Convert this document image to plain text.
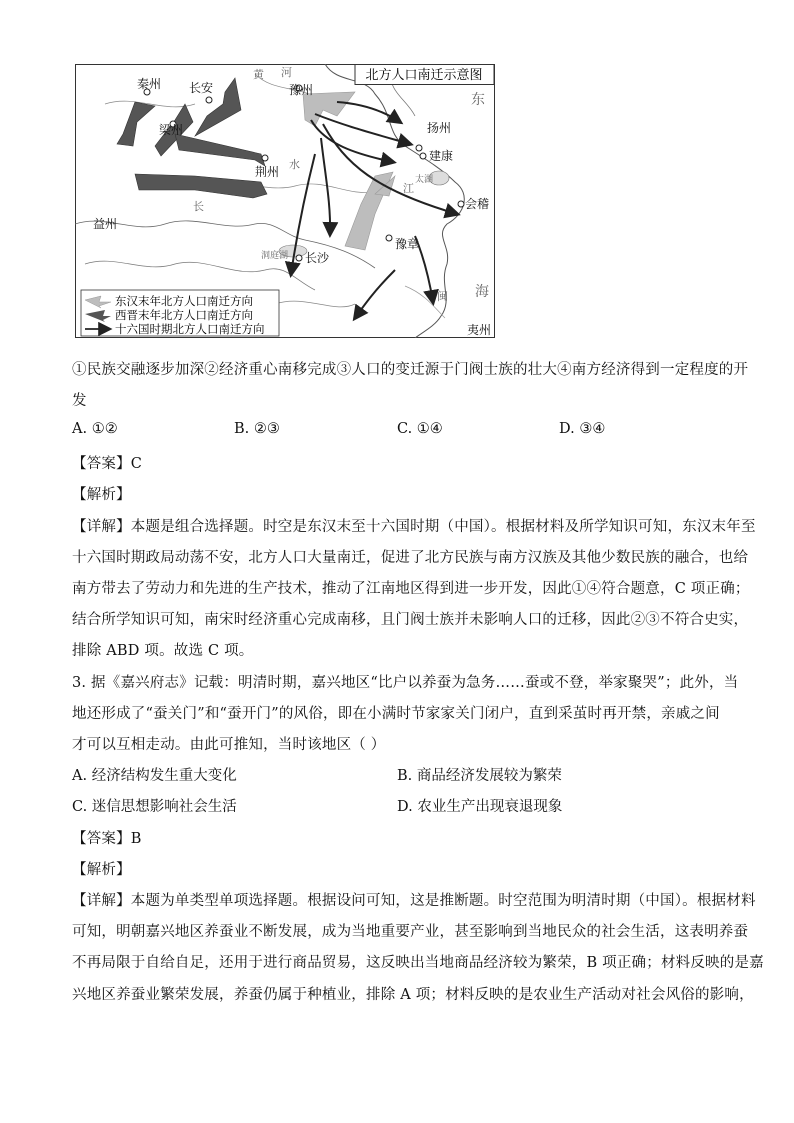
北方人口南迁示意图
秦州 长安	豫州
梁州
荆州
扬州
建康
会稽
益州
长沙
豫章
夷州
黄 河
东
海
长
水
江
太湖
洞庭湖
闽
东汉末年北方人口南迁方向
西晋末年北方人口南迁方向
十六国时期北方人口南迁方向
①民族交融逐步加深②经济重心南移完成③人口的变迁源于门阀士族的壮大④南方经济得到一定程度的开
发
A. ①②	B. ②③	C. ①④	D. ③④
【答案】C
【解析】
【详解】本题是组合选择题。时空是东汉末至十六国时期（中国）。根据材料及所学知识可知，东汉末年至
十六国时期政局动荡不安，北方人口大量南迁，促进了北方民族与南方汉族及其他少数民族的融合，也给
南方带去了劳动力和先进的生产技术，推动了江南地区得到进一步开发，因此①④符合题意，C 项正确；
结合所学知识可知，南宋时经济重心完成南移，且门阀士族并未影响人口的迁移，因此②③不符合史实，
排除 ABD 项。故选 C 项。
3. 据《嘉兴府志》记载：明清时期，嘉兴地区“比户以养蚕为急务……蚕或不登，举家聚哭”；此外，当
地还形成了“蚕关门”和“蚕开门”的风俗，即在小满时节家家关门闭户，直到采茧时再开禁，亲戚之间
才可以互相走动。由此可推知，当时该地区（ ）
A. 经济结构发生重大变化	B. 商品经济发展较为繁荣
C. 迷信思想影响社会生活	D. 农业生产出现衰退现象
【答案】B
【解析】
【详解】本题为单类型单项选择题。根据设问可知，这是推断题。时空范围为明清时期（中国）。根据材料
可知，明朝嘉兴地区养蚕业不断发展，成为当地重要产业，甚至影响到当地民众的社会生活，这表明养蚕
不再局限于自给自足，还用于进行商品贸易，这反映出当地商品经济较为繁荣，B 项正确；材料反映的是嘉
兴地区养蚕业繁荣发展，养蚕仍属于种植业，排除 A 项；材料反映的是农业生产活动对社会风俗的影响，
